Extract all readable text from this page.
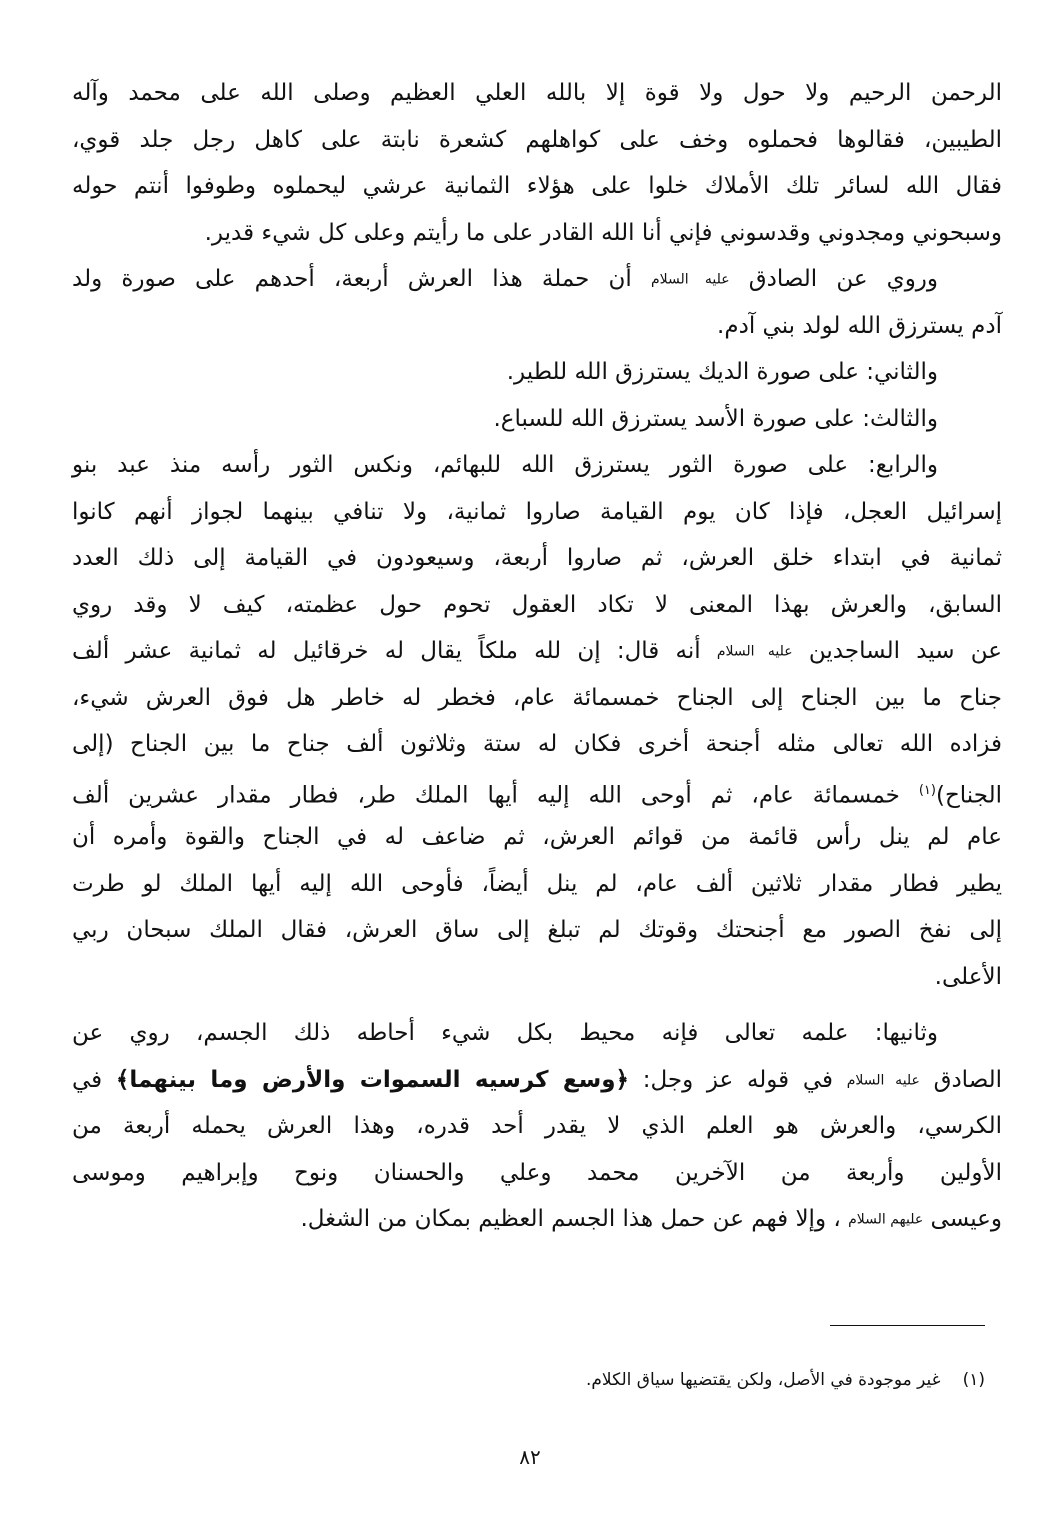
الرحمن الرحيم ولا حول ولا قوة إلا بالله العلي العظيم وصلى الله على محمد وآله
الطيبين، فقالوها فحملوه وخف على كواهلهم كشعرة نابتة على كاهل رجل جلد قوي،
فقال الله لسائر تلك الأملاك خلوا على هؤلاء الثمانية عرشي ليحملوه وطوفوا أنتم حوله
وسبحوني ومجدوني وقدسوني فإني أنا الله القادر على ما رأيتم وعلى كل شيء قدير.
وروي عن الصادق عليه السلام أن حملة هذا العرش أربعة، أحدهم على صورة ولد
آدم يسترزق الله لولد بني آدم.
والثاني: على صورة الديك يسترزق الله للطير.
والثالث: على صورة الأسد يسترزق الله للسباع.
والرابع: على صورة الثور يسترزق الله للبهائم، ونكس الثور رأسه منذ عبد بنو
إسرائيل العجل، فإذا كان يوم القيامة صاروا ثمانية، ولا تنافي بينهما لجواز أنهم كانوا
ثمانية في ابتداء خلق العرش، ثم صاروا أربعة، وسيعودون في القيامة إلى ذلك العدد
السابق، والعرش بهذا المعنى لا تكاد العقول تحوم حول عظمته، كيف لا وقد روي
عن سيد الساجدين عليه السلام أنه قال: إن لله ملكاً يقال له خرقائيل له ثمانية عشر ألف
جناح ما بين الجناح إلى الجناح خمسمائة عام، فخطر له خاطر هل فوق العرش شيء،
فزاده الله تعالى مثله أجنحة أخرى فكان له ستة وثلاثون ألف جناح ما بين الجناح (إلى
الجناح)$^{(١)}$ خمسمائة عام، ثم أوحى الله إليه أيها الملك طر، فطار مقدار عشرين ألف
عام لم ينل رأس قائمة من قوائم العرش، ثم ضاعف له في الجناح والقوة وأمره أن
يطير فطار مقدار ثلاثين ألف عام، لم ينل أيضاً، فأوحى الله إليه أيها الملك لو طرت
إلى نفخ الصور مع أجنحتك وقوتك لم تبلغ إلى ساق العرش، فقال الملك سبحان ربي
الأعلى.
وثانيها: علمه تعالى فإنه محيط بكل شيء أحاطه ذلك الجسم، روي عن
الصادق عليه السلام في قوله عز وجل: ﴿وسع كرسيه السموات والأرض وما بينهما﴾ في
الكرسي، والعرش هو العلم الذي لا يقدر أحد قدره، وهذا العرش يحمله أربعة من
الأولين وأربعة من الآخرين محمد وعلي والحسنان ونوح وإبراهيم وموسى
وعيسى عليهم السلام ، وإلا فهم عن حمل هذا الجسم العظيم بمكان من الشغل.
(١)غير موجودة في الأصل، ولكن يقتضيها سياق الكلام.
٨٢
